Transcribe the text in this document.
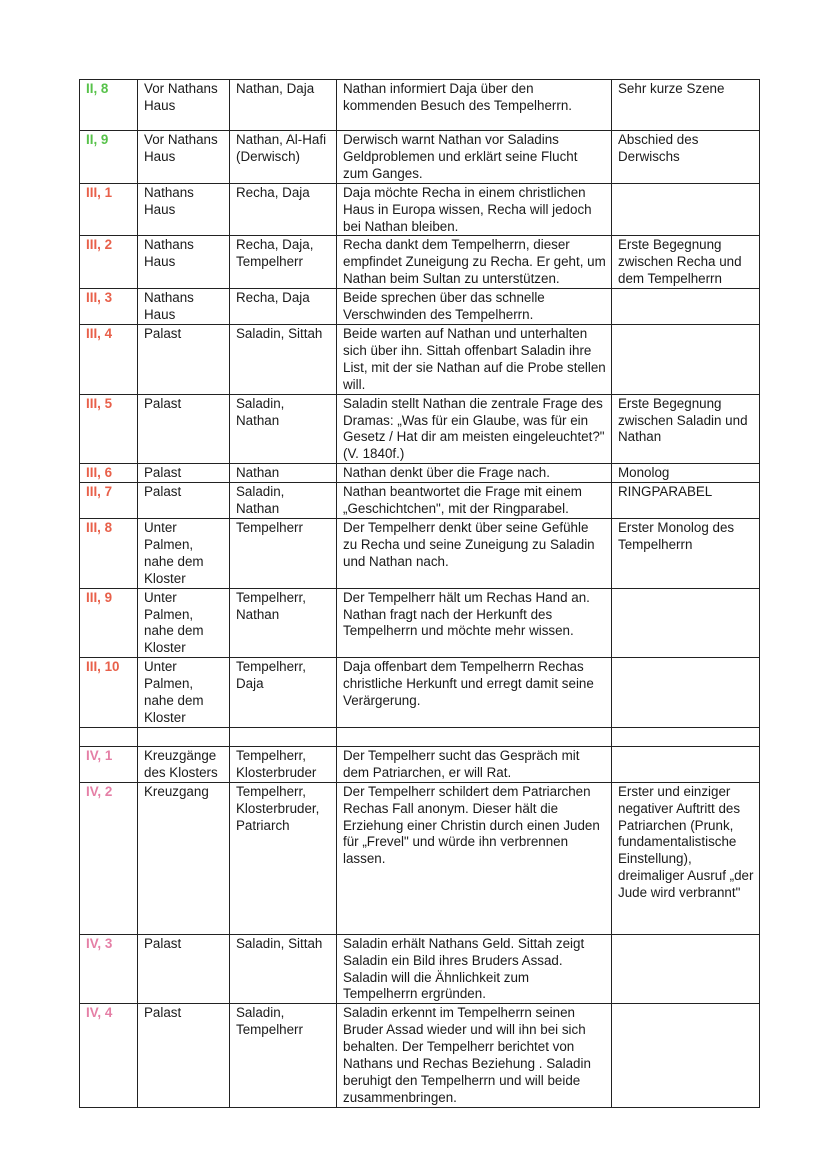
II, 8	Vor Nathans Haus	Nathan, Daja	Nathan informiert Daja über den kommenden Besuch des Tempelherrn.	Sehr kurze Szene
II, 9	Vor Nathans Haus	Nathan, Al-Hafi (Derwisch)	Derwisch warnt Nathan vor Saladins Geldproblemen und erklärt seine Flucht zum Ganges.	Abschied des Derwischs
III, 1	Nathans Haus	Recha, Daja	Daja möchte Recha in einem christlichen Haus in Europa wissen, Recha will jedoch bei Nathan bleiben.	
III, 2	Nathans Haus	Recha, Daja, Tempelherr	Recha dankt dem Tempelherrn, dieser empfindet Zuneigung zu Recha. Er geht, um Nathan beim Sultan zu unterstützen.	Erste Begegnung zwischen Recha und dem Tempelherrn
III, 3	Nathans Haus	Recha, Daja	Beide sprechen über das schnelle Verschwinden des Tempelherrn.	
III, 4	Palast	Saladin, Sittah	Beide warten auf Nathan und unterhalten sich über ihn. Sittah offenbart Saladin ihre List, mit der sie Nathan auf die Probe stellen will.	
III, 5	Palast	Saladin, Nathan	Saladin stellt Nathan die zentrale Frage des Dramas: „Was für ein Glaube, was für ein Gesetz / Hat dir am meisten eingeleuchtet?" (V. 1840f.)	Erste Begegnung zwischen Saladin und Nathan
III, 6	Palast	Nathan	Nathan denkt über die Frage nach.	Monolog
III, 7	Palast	Saladin, Nathan	Nathan beantwortet die Frage mit einem „Geschichtchen", mit der Ringparabel.	RINGPARABEL
III, 8	Unter Palmen, nahe dem Kloster	Tempelherr	Der Tempelherr denkt über seine Gefühle zu Recha und seine Zuneigung zu Saladin und Nathan nach.	Erster Monolog des Tempelherrn
III, 9	Unter Palmen, nahe dem Kloster	Tempelherr, Nathan	Der Tempelherr hält um Rechas Hand an. Nathan fragt nach der Herkunft des Tempelherrn und möchte mehr wissen.	
III, 10	Unter Palmen, nahe dem Kloster	Tempelherr, Daja	Daja offenbart dem Tempelherrn Rechas christliche Herkunft und erregt damit seine Verärgerung.	

IV, 1	Kreuzgänge des Klosters	Tempelherr, Klosterbruder	Der Tempelherr sucht das Gespräch mit dem Patriarchen, er will Rat.	
IV, 2	Kreuzgang	Tempelherr, Klosterbruder, Patriarch	Der Tempelherr schildert dem Patriarchen Rechas Fall anonym. Dieser hält die Erziehung einer Christin durch einen Juden für „Frevel" und würde ihn verbrennen lassen.	Erster und einziger negativer Auftritt des Patriarchen (Prunk, fundamentalistische Einstellung), dreimaliger Ausruf „der Jude wird verbrannt"
IV, 3	Palast	Saladin, Sittah	Saladin erhält Nathans Geld. Sittah zeigt Saladin ein Bild ihres Bruders Assad. Saladin will die Ähnlichkeit zum Tempelherrn ergründen.	
IV, 4	Palast	Saladin, Tempelherr	Saladin erkennt im Tempelherrn seinen Bruder Assad wieder und will ihn bei sich behalten. Der Tempelherr berichtet von Nathans und Rechas Beziehung . Saladin beruhigt den Tempelherrn und will beide zusammenbringen.	
